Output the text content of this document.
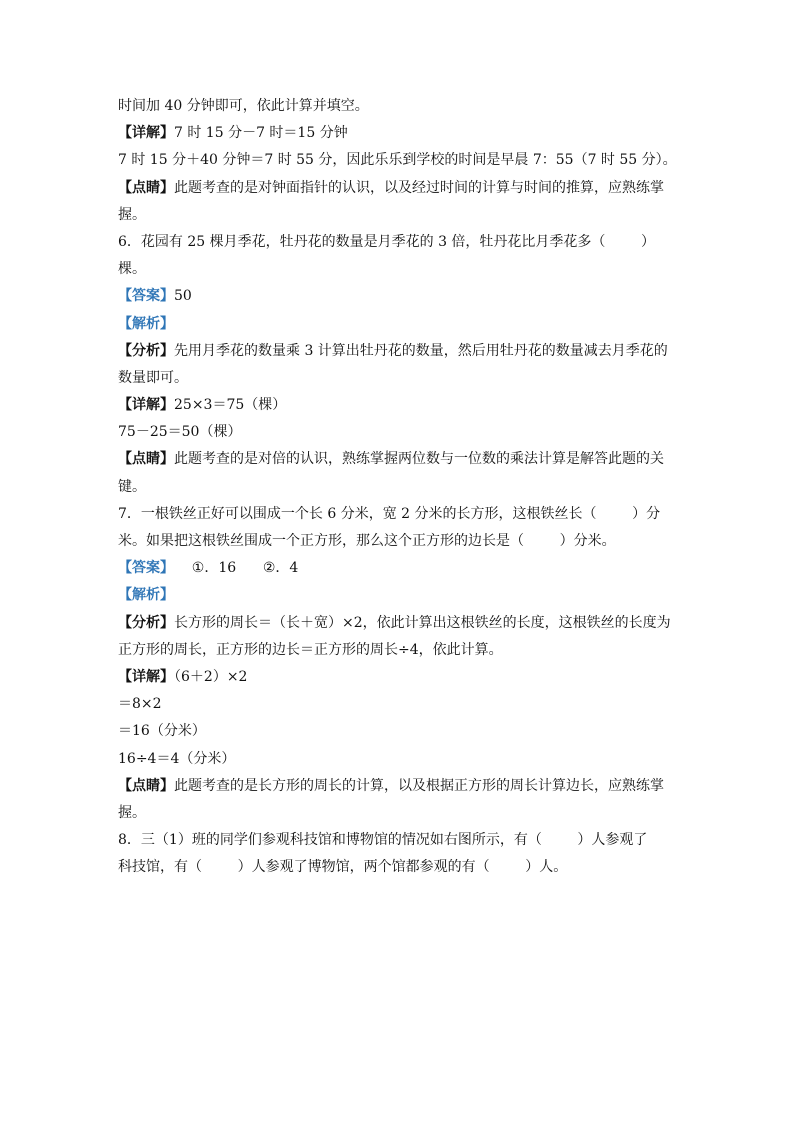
时间加 40 分钟即可，依此计算并填空。
【详解】7 时 15 分－7 时＝15 分钟
7 时 15 分＋40 分钟＝7 时 55 分，因此乐乐到学校的时间是早晨 7：55（7 时 55 分）。
【点睛】此题考查的是对钟面指针的认识，以及经过时间的计算与时间的推算，应熟练掌
握。
6．花园有 25 棵月季花，牡丹花的数量是月季花的 3 倍，牡丹花比月季花多（        ）
棵。
【答案】50
【解析】
【分析】先用月季花的数量乘 3 计算出牡丹花的数量，然后用牡丹花的数量减去月季花的
数量即可。
【详解】25×3＝75（棵）
75－25＝50（棵）
【点睛】此题考查的是对倍的认识，熟练掌握两位数与一位数的乘法计算是解答此题的关
键。
7．一根铁丝正好可以围成一个长 6 分米，宽 2 分米的长方形，这根铁丝长（        ）分
米。如果把这根铁丝围成一个正方形，那么这个正方形的边长是（        ）分米。
【答案】    ①．16      ②．4
【解析】
【分析】长方形的周长＝（长＋宽）×2，依此计算出这根铁丝的长度，这根铁丝的长度为
正方形的周长，正方形的边长＝正方形的周长÷4，依此计算。
【详解】（6＋2）×2
＝8×2
＝16（分米）
16÷4＝4（分米）
【点睛】此题考查的是长方形的周长的计算，以及根据正方形的周长计算边长，应熟练掌
握。
8．三（1）班的同学们参观科技馆和博物馆的情况如右图所示，有（        ）人参观了
科技馆，有（        ）人参观了博物馆，两个馆都参观的有（        ）人。
